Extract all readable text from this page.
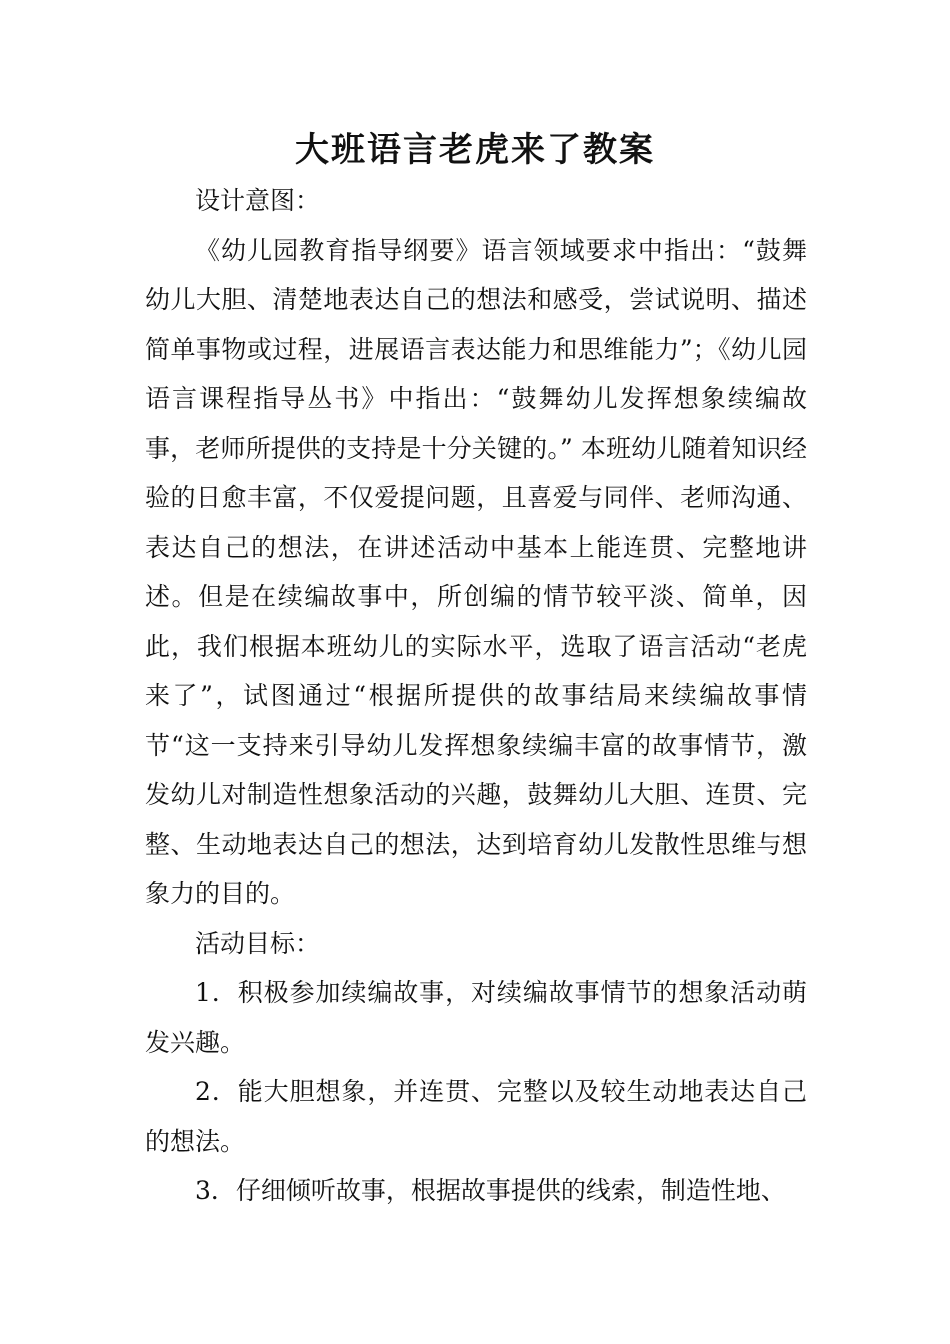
大班语言老虎来了教案

设计意图：

《幼儿园教育指导纲要》语言领域要求中指出：“鼓舞幼儿大胆、清楚地表达自己的想法和感受，尝试说明、描述简单事物或过程，进展语言表达能力和思维能力”；《幼儿园语言课程指导丛书》中指出：“鼓舞幼儿发挥想象续编故事，老师所提供的支持是十分关键的。” 本班幼儿随着知识经验的日愈丰富，不仅爱提问题，且喜爱与同伴、老师沟通、表达自己的想法，在讲述活动中基本上能连贯、完整地讲述。但是在续编故事中，所创编的情节较平淡、简单，因此，我们根据本班幼儿的实际水平，选取了语言活动“老虎来了”，试图通过“根据所提供的故事结局来续编故事情节“这一支持来引导幼儿发挥想象续编丰富的故事情节，激发幼儿对制造性想象活动的兴趣，鼓舞幼儿大胆、连贯、完整、生动地表达自己的想法，达到培育幼儿发散性思维与想象力的目的。

活动目标：

1．积极参加续编故事，对续编故事情节的想象活动萌发兴趣。

2．能大胆想象，并连贯、完整以及较生动地表达自己的想法。

3．仔细倾听故事，根据故事提供的线索，制造性地、
